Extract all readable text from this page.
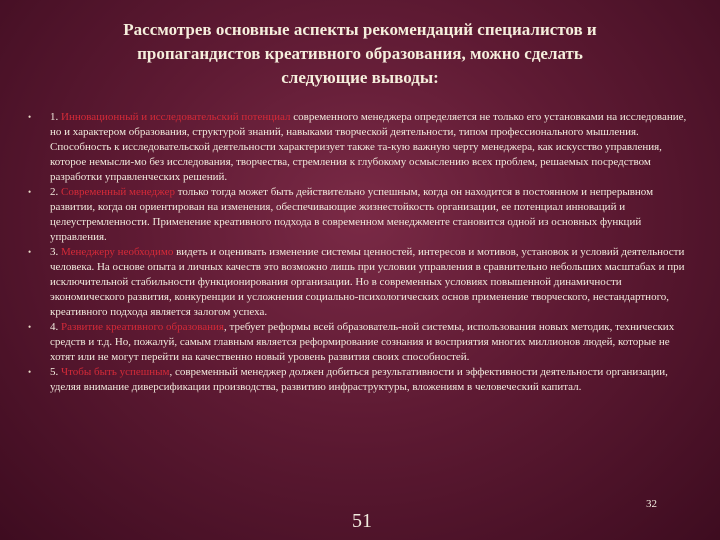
Рассмотрев основные аспекты рекомендаций специалистов и
пропагандистов креативного образования, можно сделать
следующие выводы:
• 1. Инновационный и исследовательский потенциал современного менеджера определяется не только его установками на исследование, но и характером образования, структурой знаний, навыками творческой деятельности, типом профессионального мышления. Способность к исследовательской деятельности характеризует также та-кую важную черту менеджера, как искусство управления, которое немысли-мо без исследования, творчества, стремления к глубокому осмыслению всех проблем, решаемых посредством разработки управленческих решений.
• 2. Современный менеджер только тогда может быть действительно успешным, когда он находится в постоянном и непрерывном развитии, когда он ориентирован на изменения, обеспечивающие жизнестойкость организации, ее потенциал инноваций и целеустремленности. Применение креативного подхода в современном менеджменте становится одной из основных функций управления.
• 3. Менеджеру необходимо видеть и оценивать изменение системы ценностей, интересов и мотивов, установок и условий деятельности человека. На основе опыта и личных качеств это возможно лишь при условии управления в сравнительно небольших масштабах и при исключительной стабильности функционирования организации. Но в современных условиях повышенной динамичности экономического развития, конкуренции и усложнения социально-психологических основ применение творческого, нестандартного, креативного подхода является залогом успеха.
• 4. Развитие креативного образования, требует реформы всей образователь-ной системы, использования новых методик, технических средств и т.д. Но, пожалуй, самым главным является реформирование сознания и восприятия многих миллионов людей, которые не хотят или не могут перейти на качественно новый уровень развития своих способностей.
• 5. Чтобы быть успешным, современный менеджер должен добиться результативности и эффективности деятельности организации, уделяя внимание диверсификации производства, развитию инфраструктуры, вложениям в человеческий капитал.
32
51
